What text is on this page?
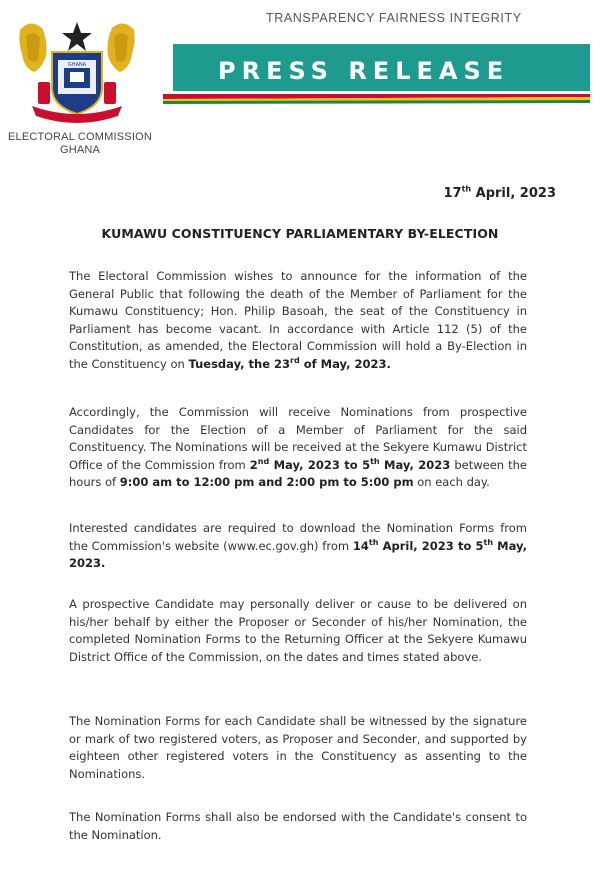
GHANA
ELECTORAL COMMISSION
GHANA
TRANSPARENCY FAIRNESS INTEGRITY
PRESS RELEASE
17th April, 2023
KUMAWU CONSTITUENCY PARLIAMENTARY BY-ELECTION
The Electoral Commission wishes to announce for the information of the General Public that following the death of the Member of Parliament for the Kumawu Constituency; Hon. Philip Basoah, the seat of the Constituency in Parliament has become vacant. In accordance with Article 112 (5) of the Constitution, as amended, the Electoral Commission will hold a By-Election in the Constituency on Tuesday, the 23rd of May, 2023.
Accordingly, the Commission will receive Nominations from prospective Candidates for the Election of a Member of Parliament for the said Constituency. The Nominations will be received at the Sekyere Kumawu District Office of the Commission from 2nd May, 2023 to 5th May, 2023 between the hours of 9:00 am to 12:00 pm and 2:00 pm to 5:00 pm on each day.
Interested candidates are required to download the Nomination Forms from the Commission's website (www.ec.gov.gh) from 14th April, 2023 to 5th May, 2023.
A prospective Candidate may personally deliver or cause to be delivered on his/her behalf by either the Proposer or Seconder of his/her Nomination, the completed Nomination Forms to the Returning Officer at the Sekyere Kumawu District Office of the Commission, on the dates and times stated above.
The Nomination Forms for each Candidate shall be witnessed by the signature or mark of two registered voters, as Proposer and Seconder, and supported by eighteen other registered voters in the Constituency as assenting to the Nominations.
The Nomination Forms shall also be endorsed with the Candidate's consent to the Nomination.
